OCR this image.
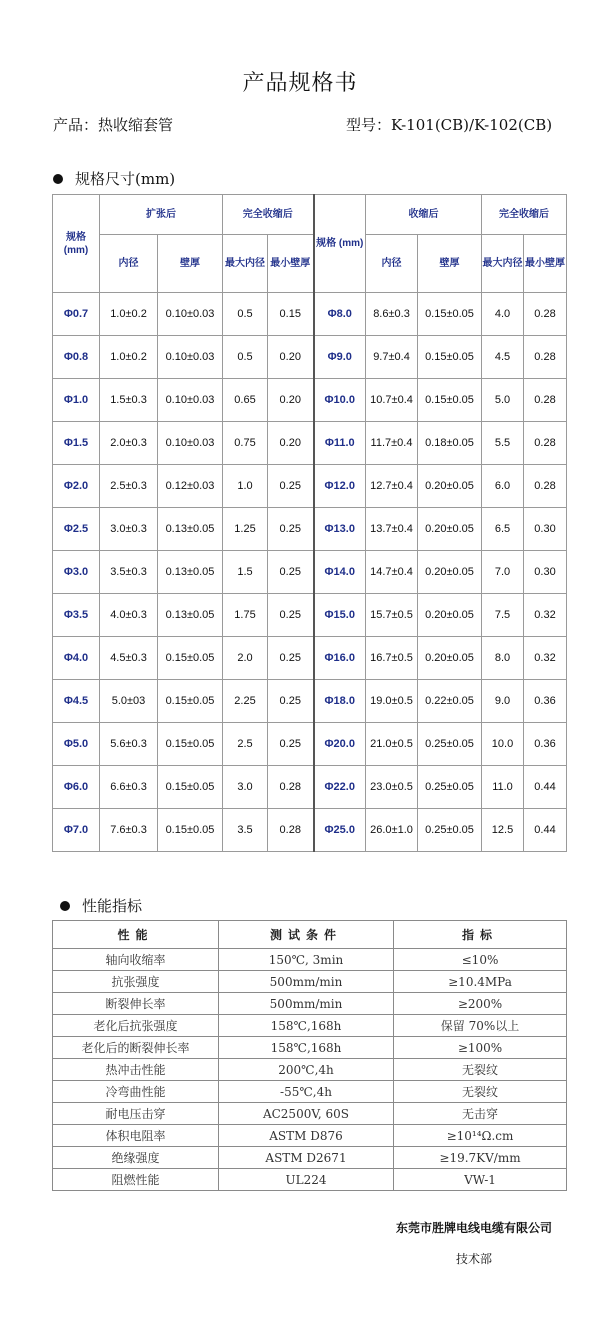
产品规格书
产品：热收缩套管	型号：K-101(CB)/K-102(CB)
规格尺寸(mm)
规格 (mm)	扩张后		完全收缩后		规格 (mm)	收缩后		完全收缩后	
	内径	壁厚	最大内径	最小壁厚		内径	壁厚	最大内径	最小壁厚
Φ0.7	1.0±0.2	0.10±0.03	0.5	0.15	Φ8.0	8.6±0.3	0.15±0.05	4.0	0.28
Φ0.8	1.0±0.2	0.10±0.03	0.5	0.20	Φ9.0	9.7±0.4	0.15±0.05	4.5	0.28
Φ1.0	1.5±0.3	0.10±0.03	0.65	0.20	Φ10.0	10.7±0.4	0.15±0.05	5.0	0.28
Φ1.5	2.0±0.3	0.10±0.03	0.75	0.20	Φ11.0	11.7±0.4	0.18±0.05	5.5	0.28
Φ2.0	2.5±0.3	0.12±0.03	1.0	0.25	Φ12.0	12.7±0.4	0.20±0.05	6.0	0.28
Φ2.5	3.0±0.3	0.13±0.05	1.25	0.25	Φ13.0	13.7±0.4	0.20±0.05	6.5	0.30
Φ3.0	3.5±0.3	0.13±0.05	1.5	0.25	Φ14.0	14.7±0.4	0.20±0.05	7.0	0.30
Φ3.5	4.0±0.3	0.13±0.05	1.75	0.25	Φ15.0	15.7±0.5	0.20±0.05	7.5	0.32
Φ4.0	4.5±0.3	0.15±0.05	2.0	0.25	Φ16.0	16.7±0.5	0.20±0.05	8.0	0.32
Φ4.5	5.0±03	0.15±0.05	2.25	0.25	Φ18.0	19.0±0.5	0.22±0.05	9.0	0.36
Φ5.0	5.6±0.3	0.15±0.05	2.5	0.25	Φ20.0	21.0±0.5	0.25±0.05	10.0	0.36
Φ6.0	6.6±0.3	0.15±0.05	3.0	0.28	Φ22.0	23.0±0.5	0.25±0.05	11.0	0.44
Φ7.0	7.6±0.3	0.15±0.05	3.5	0.28	Φ25.0	26.0±1.0	0.25±0.05	12.5	0.44
性能指标
性能	测试条件	指标
轴向收缩率	150℃, 3min	≤10%
抗张强度	500mm/min	≥10.4MPa
断裂伸长率	500mm/min	≥200%
老化后抗张强度	158℃,168h	保留 70%以上
老化后的断裂伸长率	158℃,168h	≥100%
热冲击性能	200℃,4h	无裂纹
冷弯曲性能	-55℃,4h	无裂纹
耐电压击穿	AC2500V, 60S	无击穿
体积电阻率	ASTM D876	≥10¹⁴Ω.cm
绝缘强度	ASTM D2671	≥19.7KV/mm
阻燃性能	UL224	VW-1
东莞市胜牌电线电缆有限公司
技术部
